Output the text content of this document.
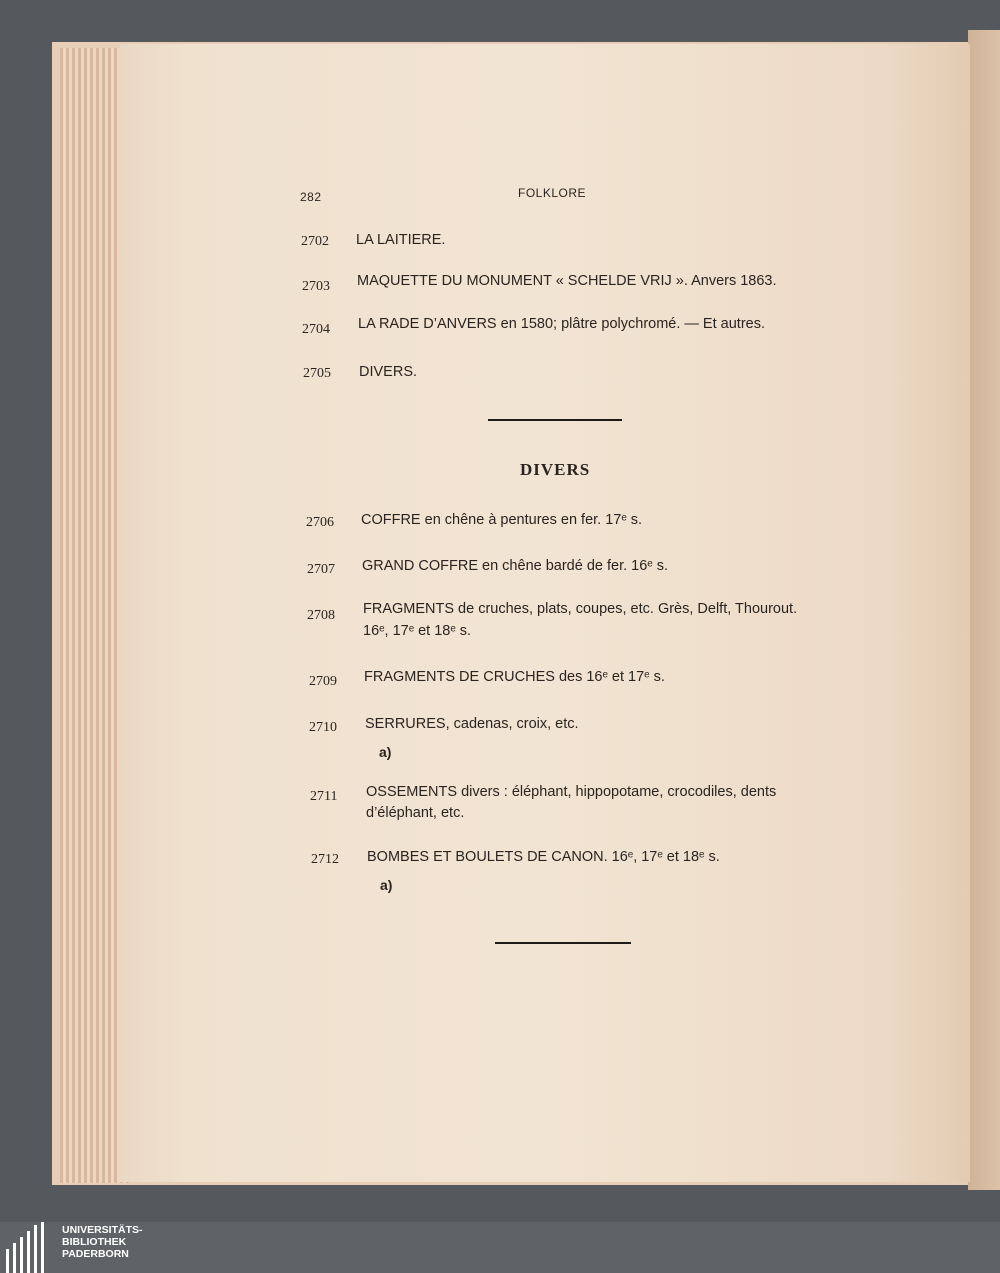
282	FOLKLORE
2702 LA LAITIERE.
2703 MAQUETTE DU MONUMENT « SCHELDE VRIJ ». Anvers 1863.
2704 LA RADE D’ANVERS en 1580; plâtre polychromé. — Et autres.
2705 DIVERS.
DIVERS
2706 COFFRE en chêne à pentures en fer. 17ᵉ s.
2707 GRAND COFFRE en chêne bardé de fer. 16ᵉ s.
2708 FRAGMENTS de cruches, plats, coupes, etc. Grès, Delft, Thourout.
16ᵉ, 17ᵉ et 18ᵉ s.
2709 FRAGMENTS DE CRUCHES des 16ᵉ et 17ᵉ s.
2710 SERRURES, cadenas, croix, etc.
a)
2711 OSSEMENTS divers : éléphant, hippopotame, crocodiles, dents
d’éléphant, etc.
2712 BOMBES ET BOULETS DE CANON. 16ᵉ, 17ᵉ et 18ᵉ s.
a)
UNIVERSITÄTS-
BIBLIOTHEK
PADERBORN
